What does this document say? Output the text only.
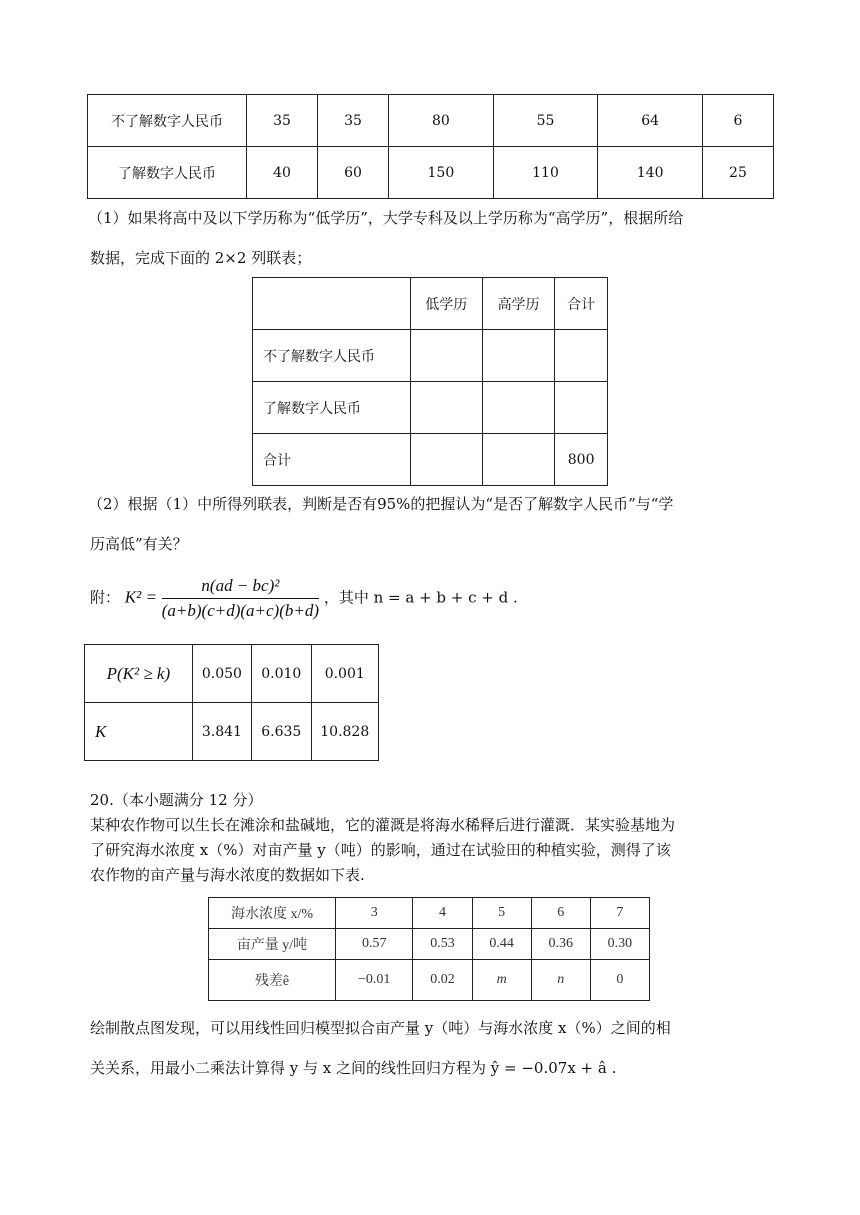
不了解数字人民币	35	35	80	55	64	6
了解数字人民币	40	60	150	110	140	25
（1）如果将高中及以下学历称为“低学历”，大学专科及以上学历称为“高学历”，根据所给
数据，完成下面的 2×2 列联表；
	低学历	高学历	合计
不了解数字人民币			
了解数字人民币			
合计			800
（2）根据（1）中所得列联表，判断是否有95%的把握认为“是否了解数字人民币”与“学
历高低”有关？
附： $K^2 = \frac{\text{n(ad − bc)²}}{(a+b)(c+d)(a+c)(b+d)}$ ，其中 n = a + b + c + d .
P(K² ≥ k)	0.050	0.010	0.001
K	3.841	6.635	10.828
20.（本小题满分 12 分）
某种农作物可以生长在滩涂和盐碱地，它的灌溉是将海水稀释后进行灌溉．某实验基地为
了研究海水浓度 x（%）对亩产量 y（吨）的影响，通过在试验田的种植实验，测得了该
农作物的亩产量与海水浓度的数据如下表.
海水浓度 x/%	3	4	5	6	7
亩产量 y/吨	0.57	0.53	0.44	0.36	0.30
残差ê	−0.01	0.02	m	n	0
绘制散点图发现，可以用线性回归模型拟合亩产量 y（吨）与海水浓度 x（%）之间的相
关关系，用最小二乘法计算得 y 与 x 之间的线性回归方程为 ŷ = −0.07x + â .
